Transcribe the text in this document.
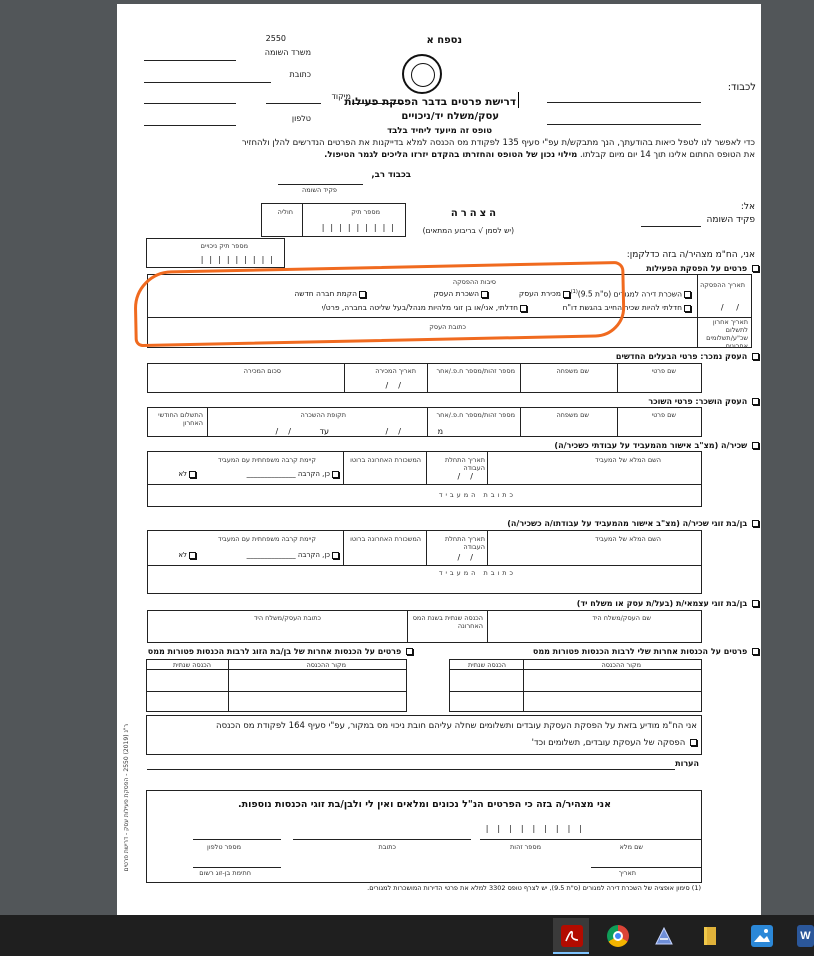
2550	נספח א
משרד השומה
כתובת
מיקוד
טלפון
דרישת פרטים בדבר הפסקת פעילות
עסק/משלח יד/ניכויים
טופס זה מיועד ליחיד בלבד
לכבוד:
כדי לאפשר לנו לטפל כיאות בהודעתך, הנך מתבקש/ת עפ"י סעיף 135 לפקודת מס הכנסה למלא בדייקנות את הפרטים הנדרשים להלן ולהחזיר
את הטופס החתום אלינו תוך 14 יום מיום קבלתו. מילוי נכון של הטופס והחזרתו בהקדם יזרזו הליכים לגמר הטיפול.
בכבוד רב,
פקיד השומה
מספר תיק
חוליה
|||||||||
מספר תיק ניכויים
|||||||||
הצהרה
(יש לסמן √ בריבוע המתאים)
אל:
פקיד השומה
אני, הח"מ מצהיר/ה בזה כדלקמן:
פרטים על הפסקת הפעילות
תאריך ההפסקה
/     /
תאריך אחרון לתשלום שכ"ע/תשלומים אחרונים
סיבות ההפסקה
השכרת דירה למגורים (ס"ת 9.5)$^{(1)}$
מכירת העסק
השכרת העסק
הקמת חברה חדשה
חדלתי להיות שכיר החייב בהגשת דו"ח
חדלתי, אני/או בן זוגי מלהיות מנהל/בעל שליטה בחברה, פרט/י
כתובת העסק
העסק נמכר: פרטי הבעלים החדשים
שם פרטי
שם משפחה
מספר זהות/מספר ח.פ./אחר
תאריך המכירה
סכום המכירה
/    /
העסק הושכר: פרטי השוכר
שם פרטי
שם משפחה
מספר זהות/מספר ח.פ./אחר
תקופת ההשכרה
התשלום החודשי האחרון
מ
עד
/    /	/    /
שכיר/ה (מצ"ב אישור מהמעביד על עבודתי כשכיר/ה)
השם המלא של המעביד
תאריך התחלת העבודה
המשכורת האחרונה ברוטו
קיימת קרבה משפחתית עם המעביד
/    /
כן, הקרבה ______________
לא
כתובת המעביד
בן/בת זוגי שכיר/ה (מצ"ב אישור מהמעביד על עבודתו/ה כשכיר/ה)
השם המלא של המעביד
תאריך התחלת העבודה
המשכורת האחרונה ברוטו
קיימת קרבה משפחתית עם המעביד
/    /
כן, הקרבה ______________
לא
כתובת המעביד
בן/בת זוגי עצמאי/ת (בעל/ת עסק או משלח יד)
שם העסק/משלח היד
הכנסה שנתית בשנת המס האחרונה
כתובת העסק/משלח היד
פרטים על הכנסות אחרות שלי לרבות הכנסות פטורות ממס
פרטים על הכנסות אחרות של בן/בת הזוג לרבות הכנסות פטורות ממס
מקור ההכנסה
הכנסה שנתית
מקור ההכנסה
הכנסה שנתית
אני הח"מ מודיע בזאת על הפסקת העסקת עובדים ותשלומים שחלה עליהם חובת ניכוי מס במקור, עפ"י סעיף 164 לפקודת מס הכנסה
הפסקה של העסקת עובדים, תשלומים וכד'
הערות
אני מצהיר/ה בזה כי הפרטים הנ"ל נכונים ומלאים ואין לי ולבן/בת זוגי הכנסות נוספות.
|||||||||
שם מלא
מספר זהות
כתובת
מספר טלפון
תאריך
חתימת בן-זוג רשום
(1) סימון אופציה של השכרת דירה למגורים (ס"ת 9.5), יש לצרף טופס 3302 למלא את פרטי הדירות המושכרות למגורים.
ר"נ (2019) 2550 - הפסקת פעילות עסק - דרישת פרטים
W
